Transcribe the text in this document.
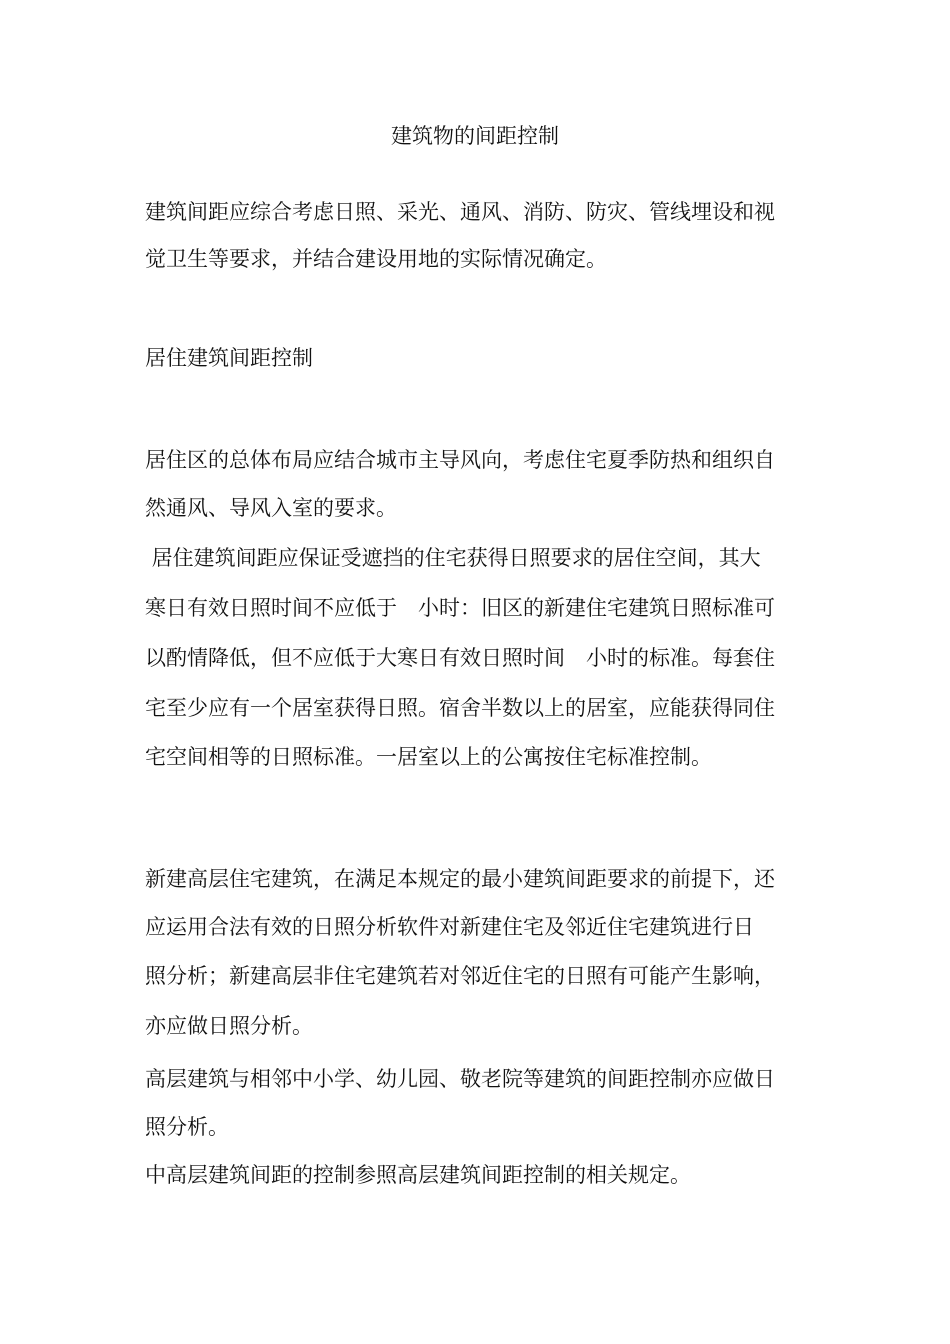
建筑物的间距控制
建筑间距应综合考虑日照、采光、通风、消防、防灾、管线埋设和视
觉卫生等要求，并结合建设用地的实际情况确定。
居住建筑间距控制
居住区的总体布局应结合城市主导风向，考虑住宅夏季防热和组织自
然通风、导风入室的要求。
居住建筑间距应保证受遮挡的住宅获得日照要求的居住空间，其大
寒日有效日照时间不应低于　小时：旧区的新建住宅建筑日照标准可
以酌情降低，但不应低于大寒日有效日照时间　小时的标准。每套住
宅至少应有一个居室获得日照。宿舍半数以上的居室，应能获得同住
宅空间相等的日照标准。一居室以上的公寓按住宅标准控制。
新建高层住宅建筑，在满足本规定的最小建筑间距要求的前提下，还
应运用合法有效的日照分析软件对新建住宅及邻近住宅建筑进行日
照分析；新建高层非住宅建筑若对邻近住宅的日照有可能产生影响，
亦应做日照分析。
高层建筑与相邻中小学、幼儿园、敬老院等建筑的间距控制亦应做日
照分析。
中高层建筑间距的控制参照高层建筑间距控制的相关规定。
